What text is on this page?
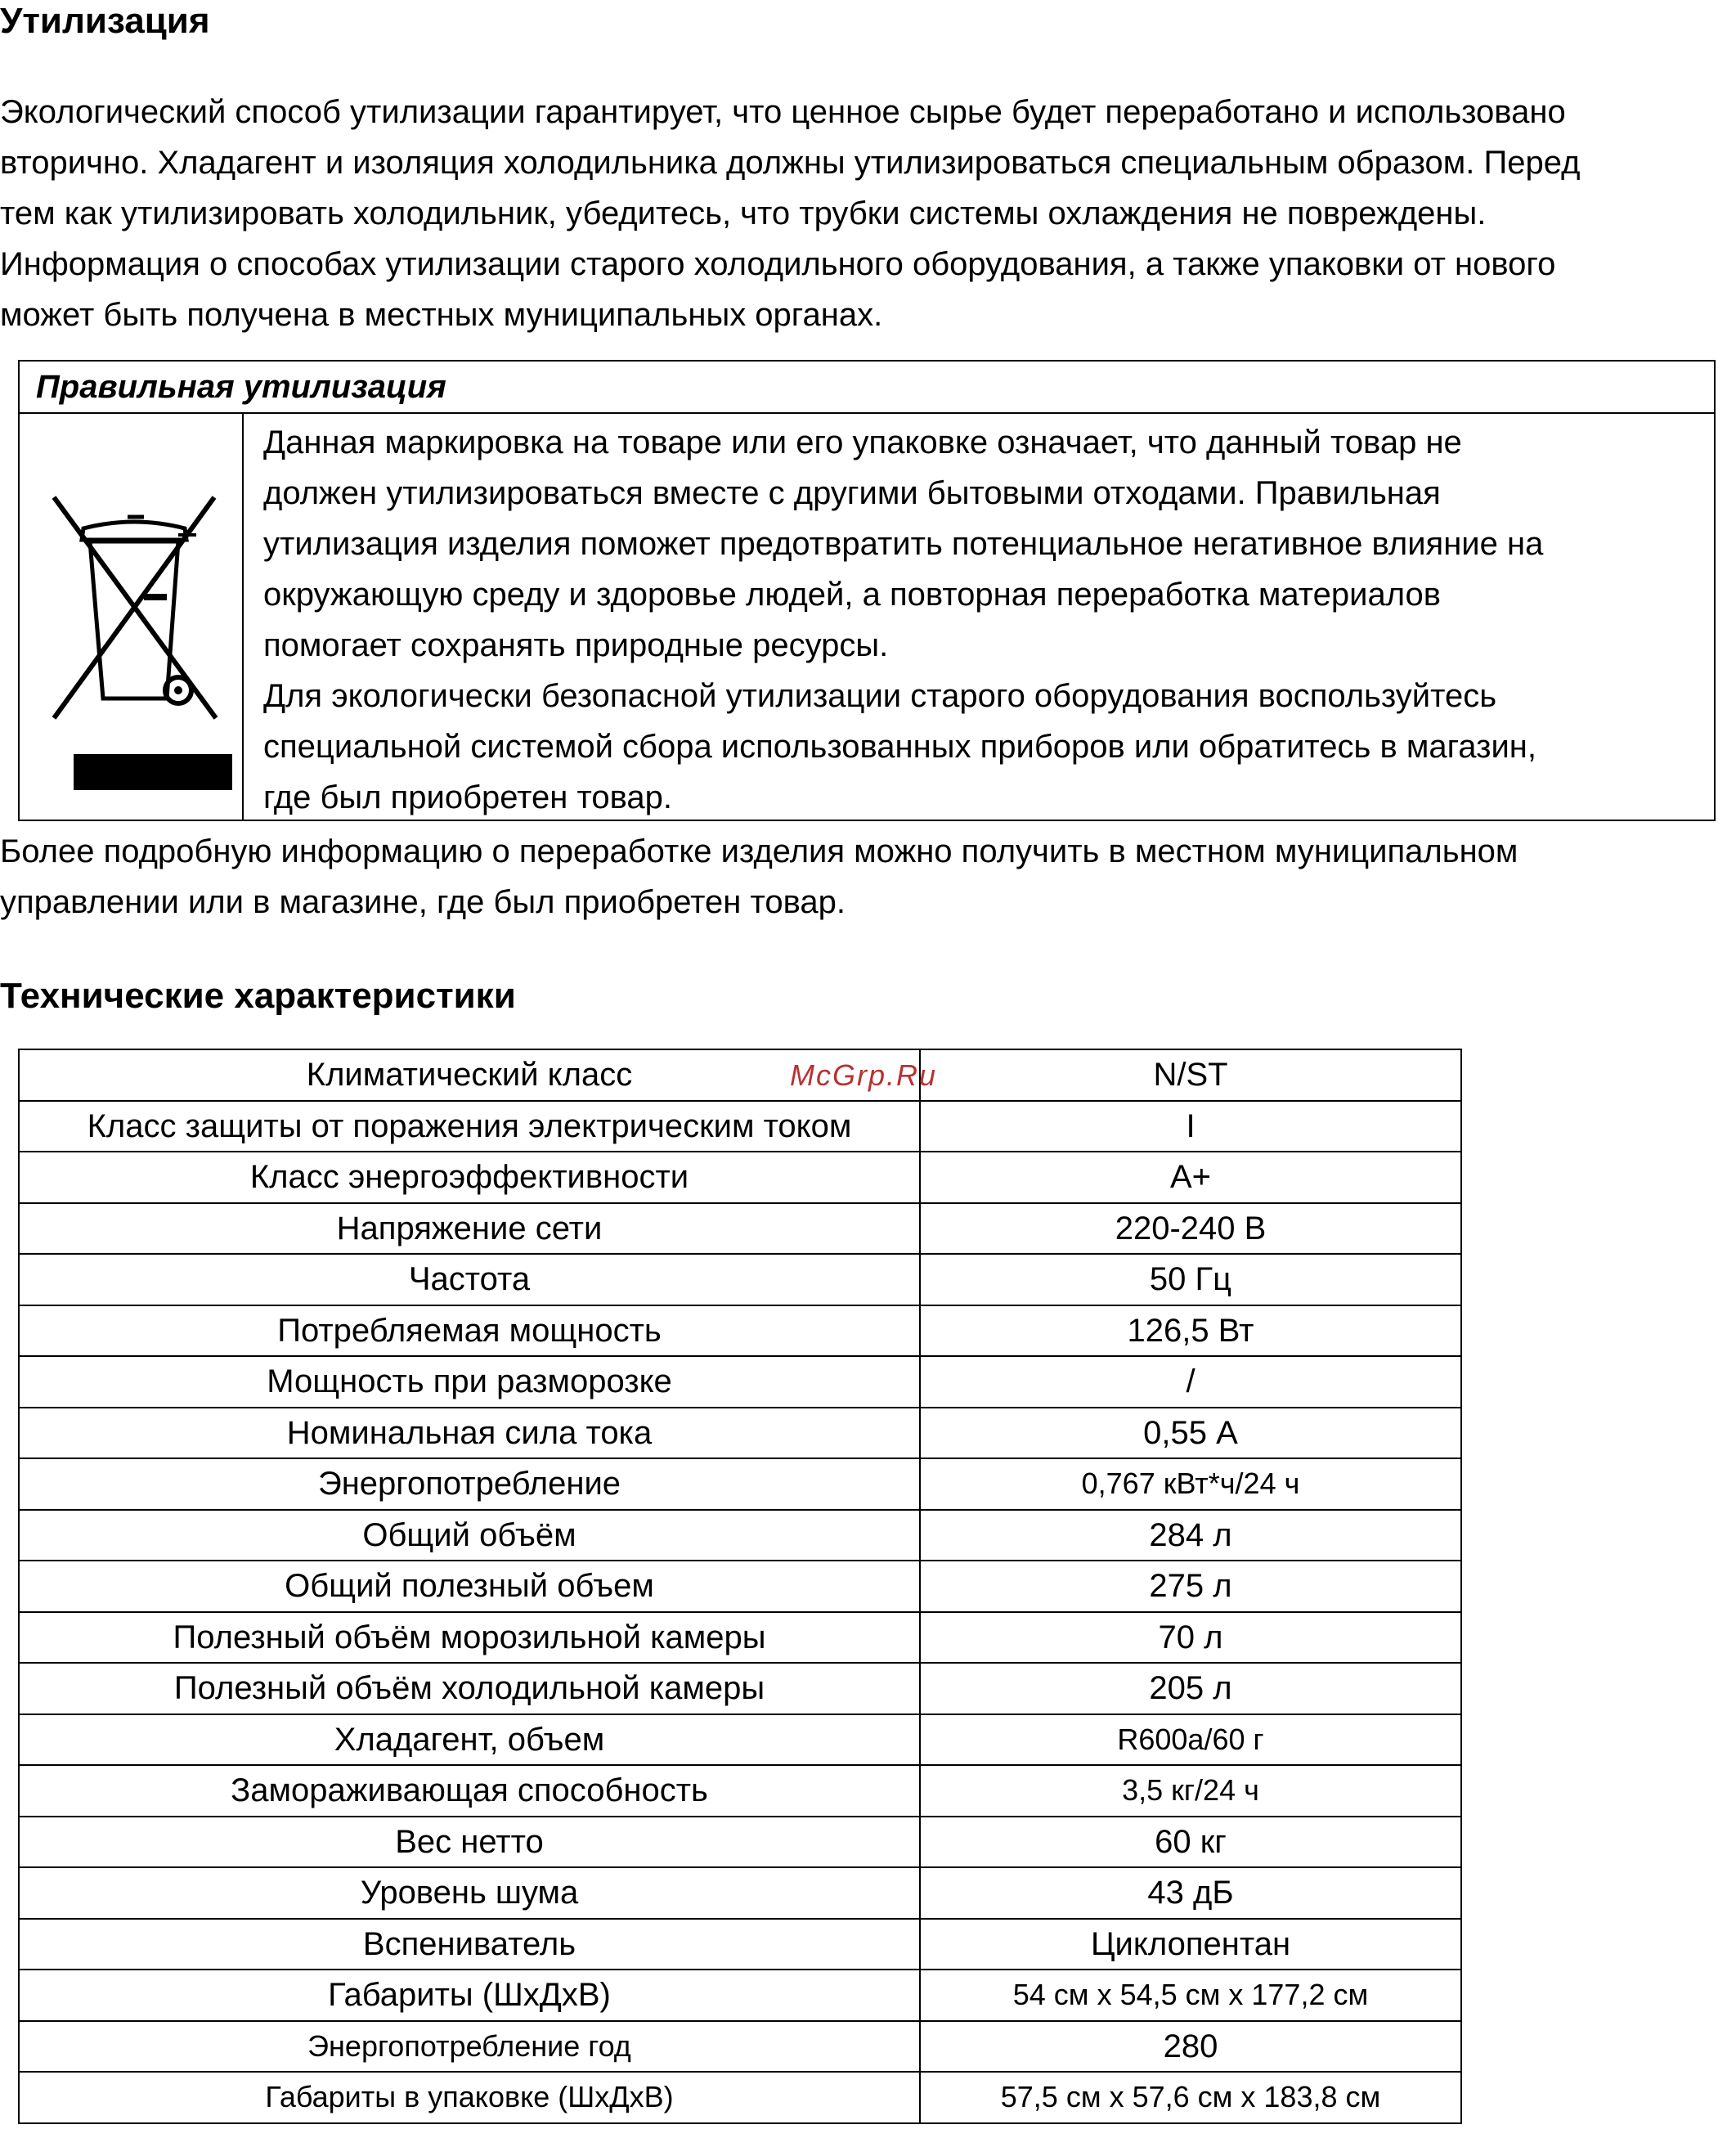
Утилизация
Экологический способ утилизации гарантирует, что ценное сырье будет переработано и использовано
вторично. Хладагент и изоляция холодильника должны утилизироваться специальным образом. Перед
тем как утилизировать холодильник, убедитесь, что трубки системы охлаждения не повреждены.
Информация о способах утилизации старого холодильного оборудования, а также упаковки от нового
может быть получена в местных муниципальных органах.
Правильная утилизация
Данная маркировка на товаре или его упаковке означает, что данный товар не
должен утилизироваться вместе с другими бытовыми отходами. Правильная
утилизация изделия поможет предотвратить потенциальное негативное влияние на
окружающую среду и здоровье людей, а повторная переработка материалов
помогает сохранять природные ресурсы.
Для экологически безопасной утилизации старого оборудования воспользуйтесь
специальной системой сбора использованных приборов или обратитесь в магазин,
где был приобретен товар.
Более подробную информацию о переработке изделия можно получить в местном муниципальном
управлении или в магазине, где был приобретен товар.
Технические характеристики
Климатический класс	N/ST
Класс защиты от поражения электрическим током	I
Класс энергоэффективности	A+
Напряжение сети	220-240 В
Частота	50 Гц
Потребляемая мощность	126,5 Вт
Мощность при разморозке	/
Номинальная сила тока	0,55 А
Энергопотребление	0,767 кВт*ч/24 ч
Общий объём	284 л
Общий полезный объем	275 л
Полезный объём морозильной камеры	70 л
Полезный объём холодильной камеры	205 л
Хладагент, объем	R600a/60 г
Замораживающая способность	3,5 кг/24 ч
Вес нетто	60 кг
Уровень шума	43 дБ
Вспениватель	Циклопентан
Габариты (ШхДхВ)	54 см х 54,5 см х 177,2 см
Энергопотребление год	280
Габариты в упаковке (ШхДхВ)	57,5 см х 57,6 см х 183,8 см
McGrp.Ru
